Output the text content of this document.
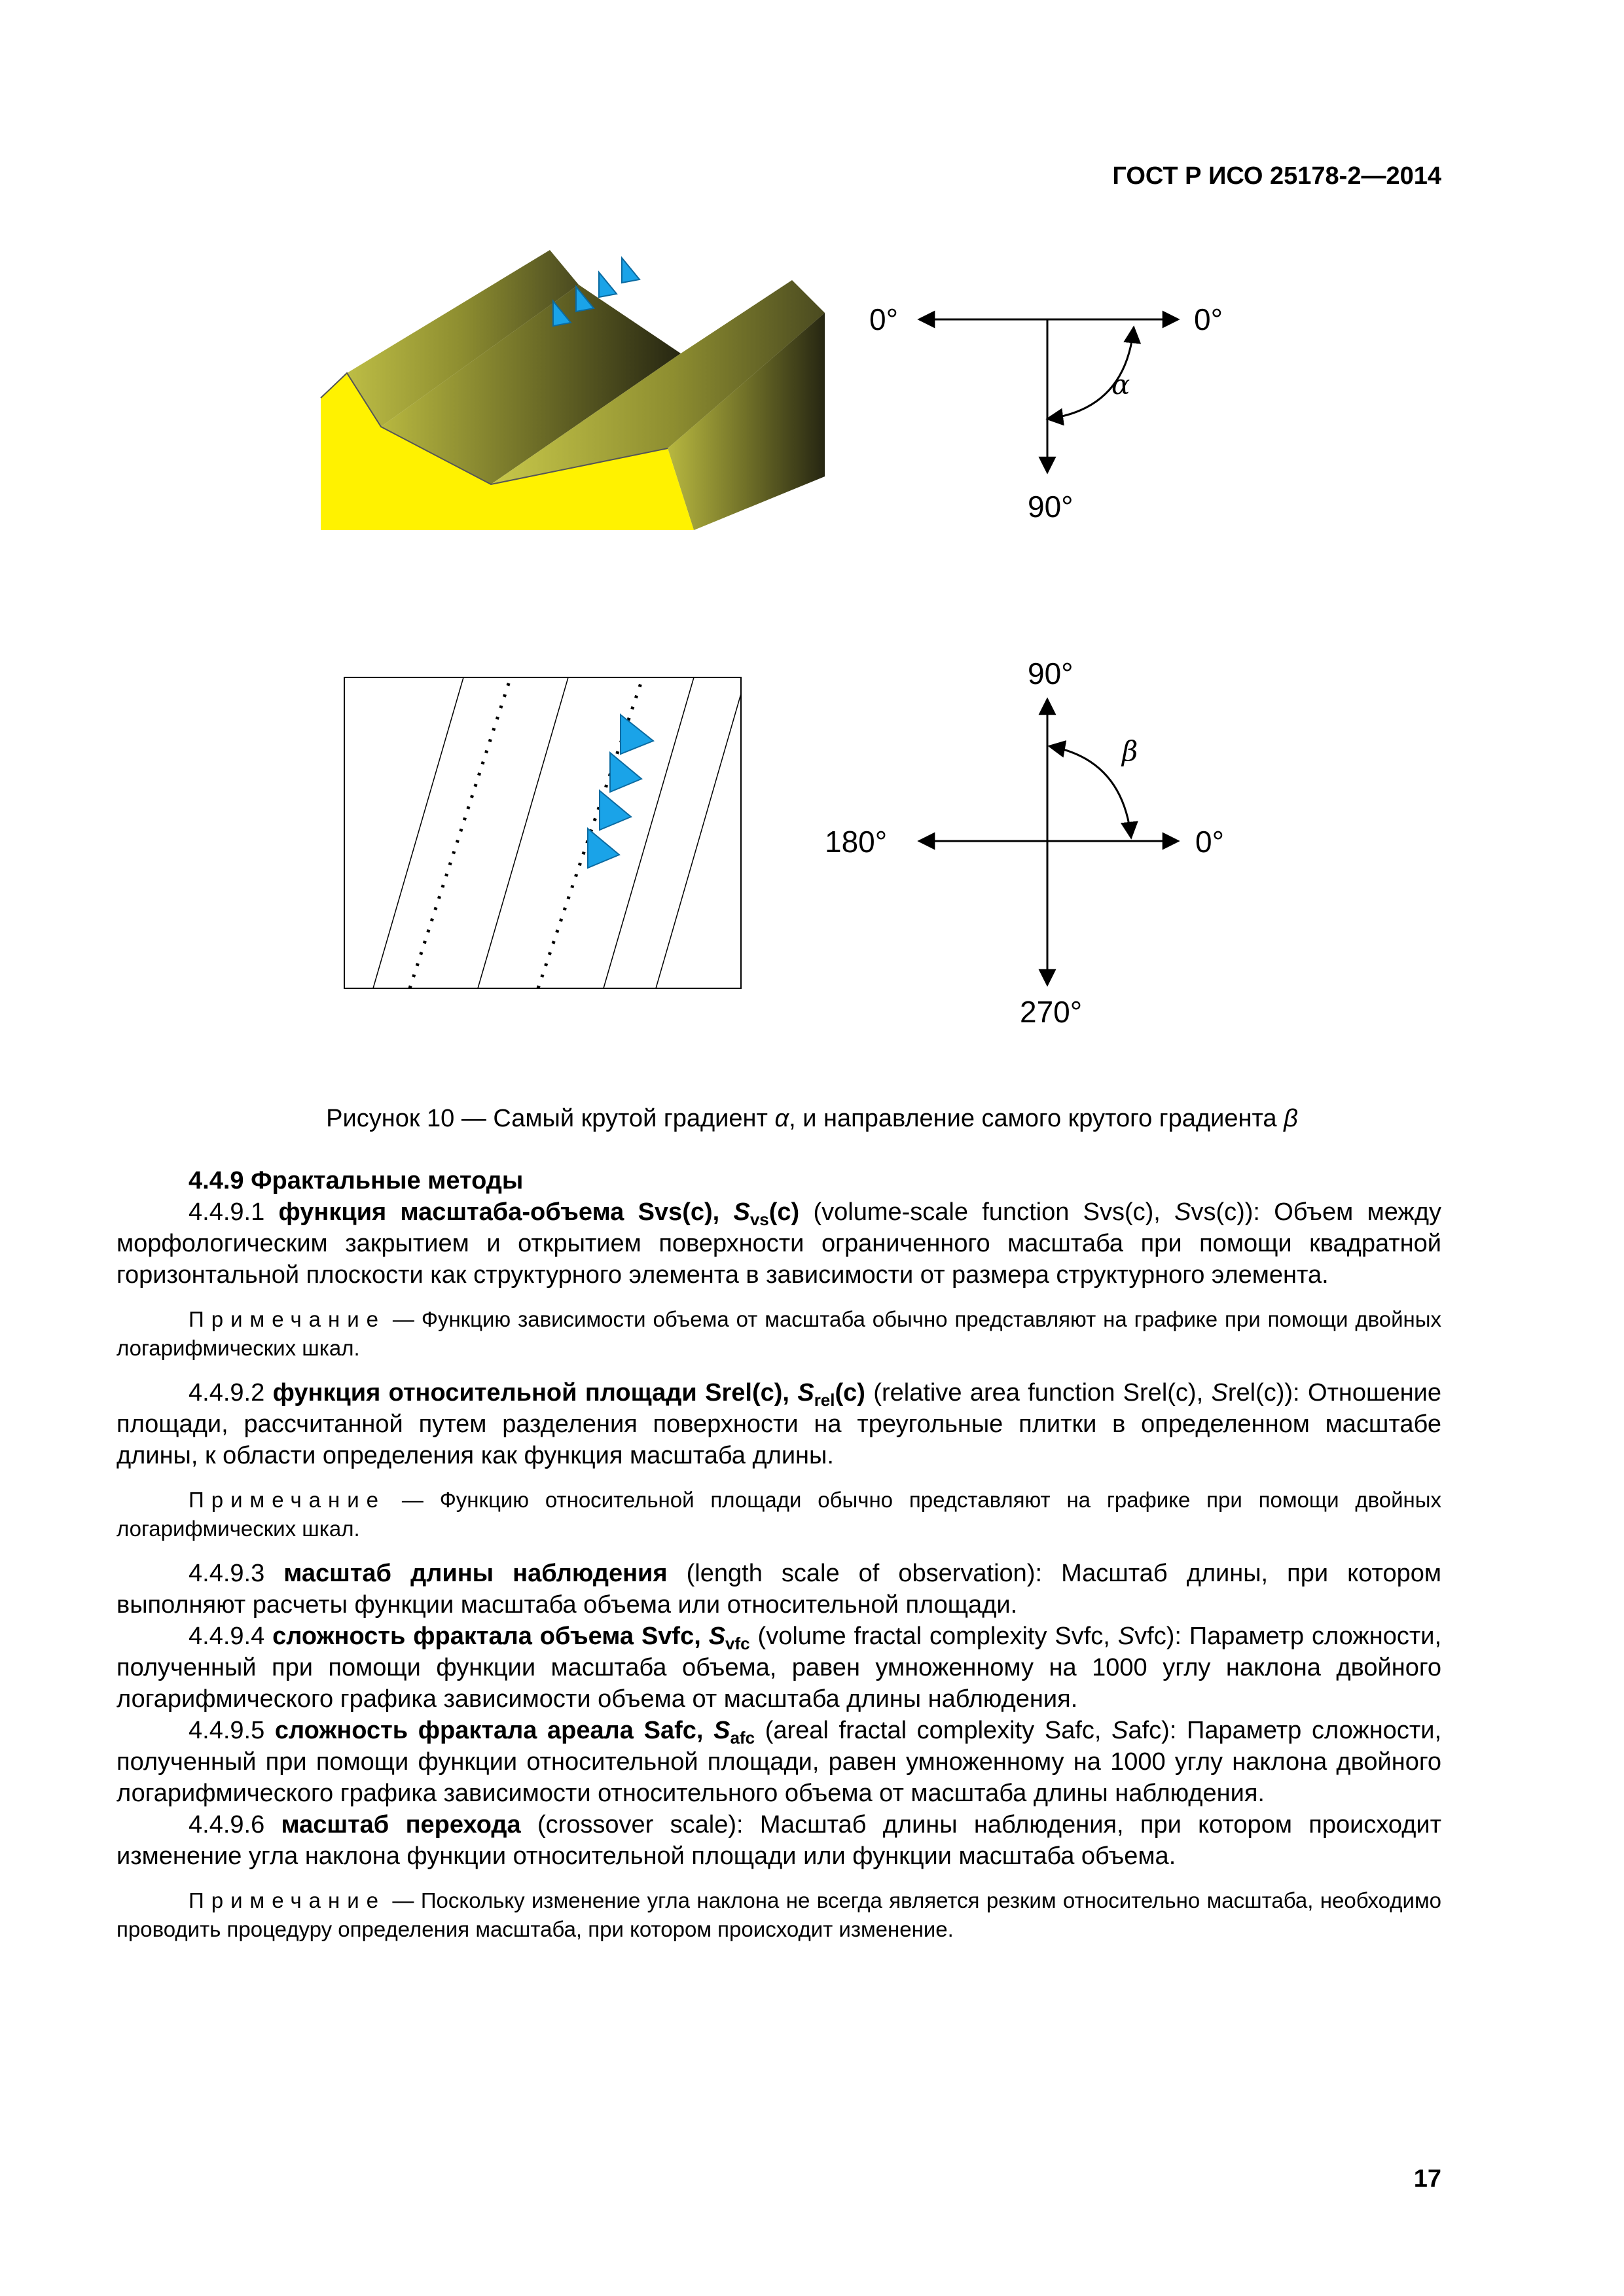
ГОСТ Р ИСО 25178-2—2014
0°	0°
90°
α
90°
180°	0°
270°
β
Рисунок 10 — Самый крутой градиент α, и направление самого крутого градиента β

4.4.9 Фрактальные методы

4.4.9.1 функция масштаба-объема Svs(c), $S_{vs}(c)$ (volume-scale function Svs(c), Svs(c)): Объем между морфологическим закрытием и открытием поверхности ограниченного масштаба при помощи квадратной горизонтальной плоскости как структурного элемента в зависимости от размера структурного элемента.

Примечание — Функцию зависимости объема от масштаба обычно представляют на графике при помощи двойных логарифмических шкал.

4.4.9.2 функция относительной площади Srel(c), $S_{rel}(c)$ (relative area function Srel(c), Srel(c)): Отношение площади, рассчитанной путем разделения поверхности на треугольные плитки в определенном масштабе длины, к области определения как функция масштаба длины.

Примечание — Функцию относительной площади обычно представляют на графике при помощи двойных логарифмических шкал.

4.4.9.3 масштаб длины наблюдения (length scale of observation): Масштаб длины, при котором выполняют расчеты функции масштаба объема или относительной площади.

4.4.9.4 сложность фрактала объема Svfc, $S_{vfc}$ (volume fractal complexity Svfc, Svfc): Параметр сложности, полученный при помощи функции масштаба объема, равен умноженному на 1000 углу наклона двойного логарифмического графика зависимости объема от масштаба длины наблюдения.

4.4.9.5 сложность фрактала ареала Safc, $S_{afc}$ (areal fractal complexity Safc, Safc): Параметр сложности, полученный при помощи функции относительной площади, равен умноженному на 1000 углу наклона двойного логарифмического графика зависимости относительного объема от масштаба длины наблюдения.

4.4.9.6 масштаб перехода (crossover scale): Масштаб длины наблюдения, при котором происходит изменение угла наклона функции относительной площади или функции масштаба объема.

Примечание — Поскольку изменение угла наклона не всегда является резким относительно масштаба, необходимо проводить процедуру определения масштаба, при котором происходит изменение.

17
